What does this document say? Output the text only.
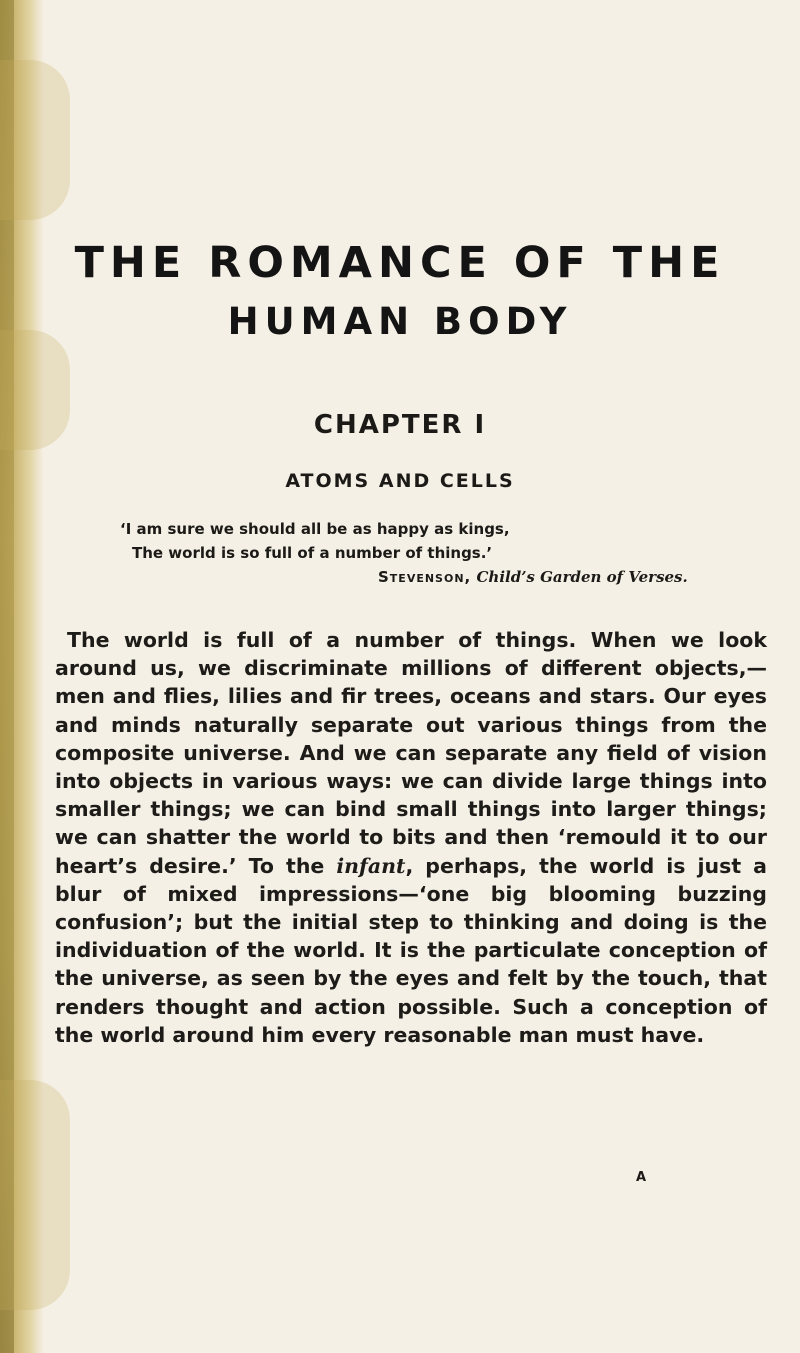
THE ROMANCE OF THE
HUMAN BODY
CHAPTER I
ATOMS AND CELLS
‘I am sure we should all be as happy as kings,
The world is so full of a number of things.’
Stevenson, Child’s Garden of Verses.

The world is full of a number of things. When we look around us, we discriminate millions of different objects,—men and flies, lilies and fir trees, oceans and stars. Our eyes and minds naturally separate out various things from the composite universe. And we can separate any field of vision into objects in various ways: we can divide large things into smaller things; we can bind small things into larger things; we can shatter the world to bits and then ‘remould it to our heart’s desire.’ To the infant, perhaps, the world is just a blur of mixed impressions—‘one big blooming buzzing confusion’; but the initial step to thinking and doing is the individuation of the world. It is the particulate conception of the universe, as seen by the eyes and felt by the touch, that renders thought and action possible. Such a conception of the world around him every reasonable man must have.

A
